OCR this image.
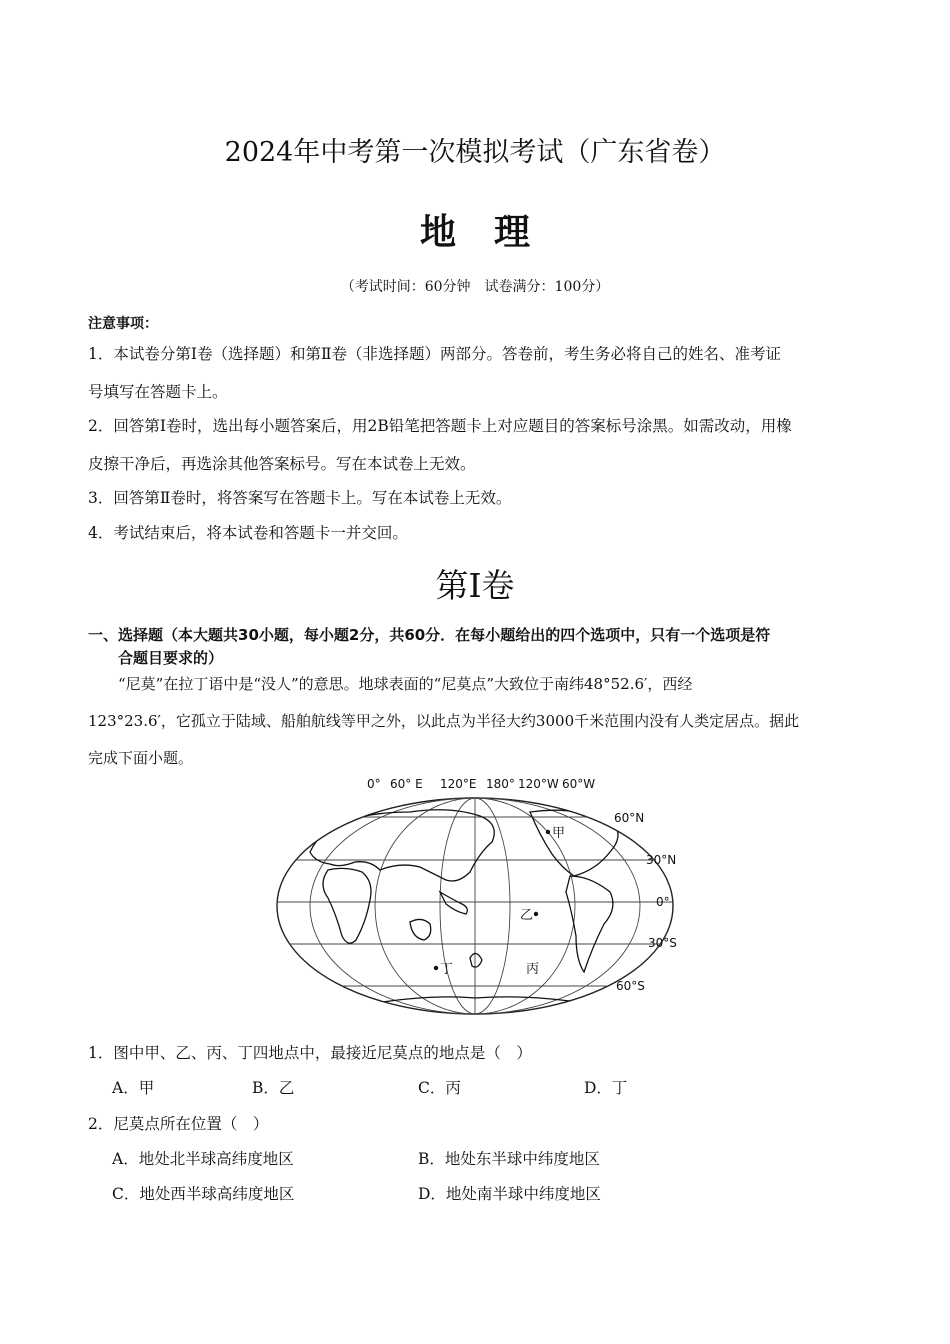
2024年中考第一次模拟考试（广东省卷）
地理
（考试时间：60分钟　试卷满分：100分）
注意事项：
1．本试卷分第Ⅰ卷（选择题）和第Ⅱ卷（非选择题）两部分。答卷前，考生务必将自己的姓名、准考证
号填写在答题卡上。
2．回答第Ⅰ卷时，选出每小题答案后，用2B铅笔把答题卡上对应题目的答案标号涂黑。如需改动，用橡
皮擦干净后，再选涂其他答案标号。写在本试卷上无效。
3．回答第Ⅱ卷时，将答案写在答题卡上。写在本试卷上无效。
4．考试结束后，将本试卷和答题卡一并交回。
第Ⅰ卷
一、选择题（本大题共30小题，每小题2分，共60分．在每小题给出的四个选项中，只有一个选项是符
合题目要求的）
“尼莫”在拉丁语中是“没人”的意思。地球表面的“尼莫点”大致位于南纬48°52.6′，西经
123°23.6′，它孤立于陆域、船舶航线等甲之外，以此点为半径大约3000千米范围内没有人类定居点。据此
完成下面小题。
60°N
30°N
0°
30°S
60°S
0° 60° E 120°E 180° 120°W 60°W
甲
乙
丙
丁
1．图中甲、乙、丙、丁四地点中，最接近尼莫点的地点是（　）
A．甲	B．乙	C．丙	D．丁
2．尼莫点所在位置（　）
A．地处北半球高纬度地区	B．地处东半球中纬度地区
C．地处西半球高纬度地区	D．地处南半球中纬度地区
